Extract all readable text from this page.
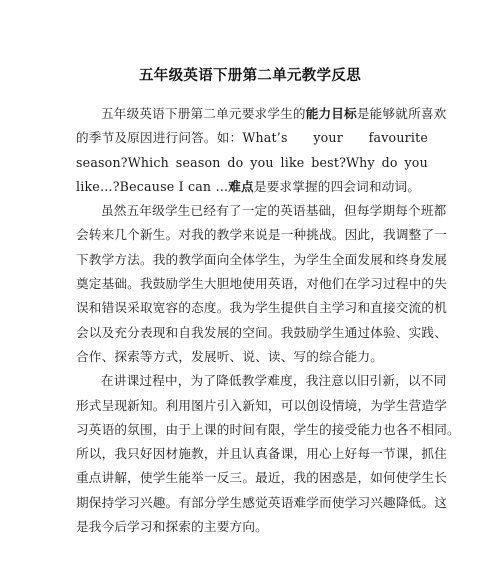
五年级英语下册第二单元教学反思
五年级英语下册第二单元要求学生的能力目标是能够就所喜欢
的季节及原因进行问答。如：What’s your favourite
season?Which season do you like best?Why do you
like…?Because I can …难点是要求掌握的四会词和动词。
虽然五年级学生已经有了一定的英语基础，但每学期每个班都
会转来几个新生。对我的教学来说是一种挑战。因此，我调整了一
下教学方法。我的教学面向全体学生，为学生全面发展和终身发展
奠定基础。我鼓励学生大胆地使用英语，对他们在学习过程中的失
误和错误采取宽容的态度。我为学生提供自主学习和直接交流的机
会以及充分表现和自我发展的空间。我鼓励学生通过体验、实践、
合作、探索等方式，发展听、说、读、写的综合能力。
在讲课过程中，为了降低教学难度，我注意以旧引新，以不同
形式呈现新知。利用图片引入新知，可以创设情境，为学生营造学
习英语的氛围，由于上课的时间有限，学生的接受能力也各不相同。
所以，我只好因材施教，并且认真备课，用心上好每一节课，抓住
重点讲解，使学生能举一反三。最近，我的困惑是，如何使学生长
期保持学习兴趣。有部分学生感觉英语难学而使学习兴趣降低。这
是我今后学习和探索的主要方向。
